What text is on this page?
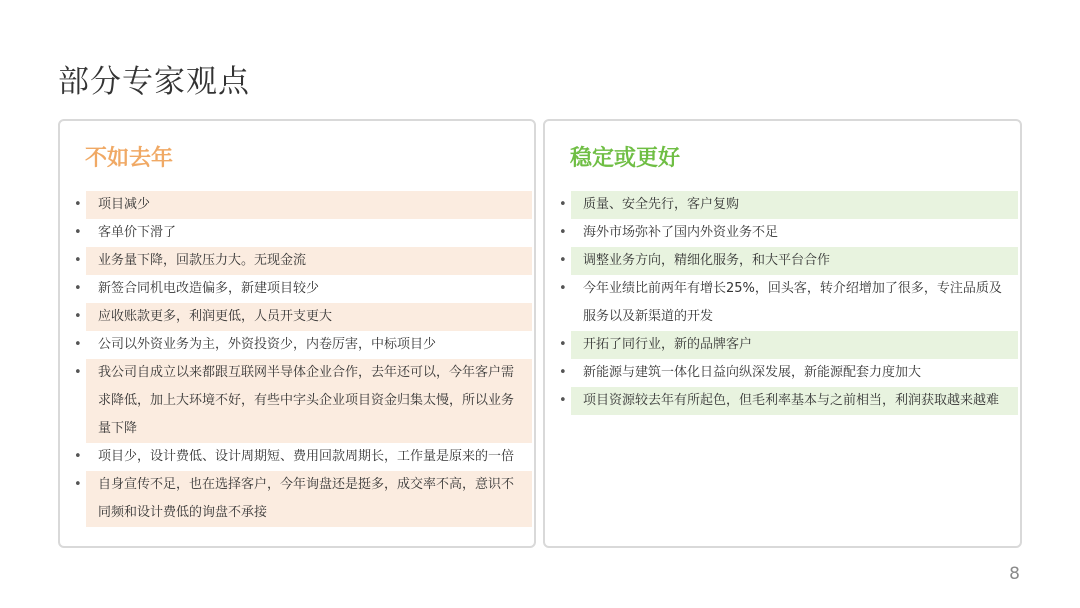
部分专家观点
不如去年
• 项目减少
• 客单价下滑了
• 业务量下降，回款压力大。无现金流
• 新签合同机电改造偏多，新建项目较少
• 应收账款更多，利润更低，人员开支更大
• 公司以外资业务为主，外资投资少，内卷厉害，中标项目少
• 我公司自成立以来都跟互联网半导体企业合作，去年还可以，今年客户需
求降低，加上大环境不好，有些中字头企业项目资金归集太慢，所以业务
量下降
• 项目少，设计费低、设计周期短、费用回款周期长，工作量是原来的一倍
• 自身宣传不足，也在选择客户，今年询盘还是挺多，成交率不高，意识不
同频和设计费低的询盘不承接
稳定或更好
• 质量、安全先行，客户复购
• 海外市场弥补了国内外资业务不足
• 调整业务方向，精细化服务，和大平台合作
• 今年业绩比前两年有增长25%，回头客，转介绍增加了很多，专注品质及
服务以及新渠道的开发
• 开拓了同行业，新的品牌客户
• 新能源与建筑一体化日益向纵深发展，新能源配套力度加大
• 项目资源较去年有所起色，但毛利率基本与之前相当，利润获取越来越难
8
